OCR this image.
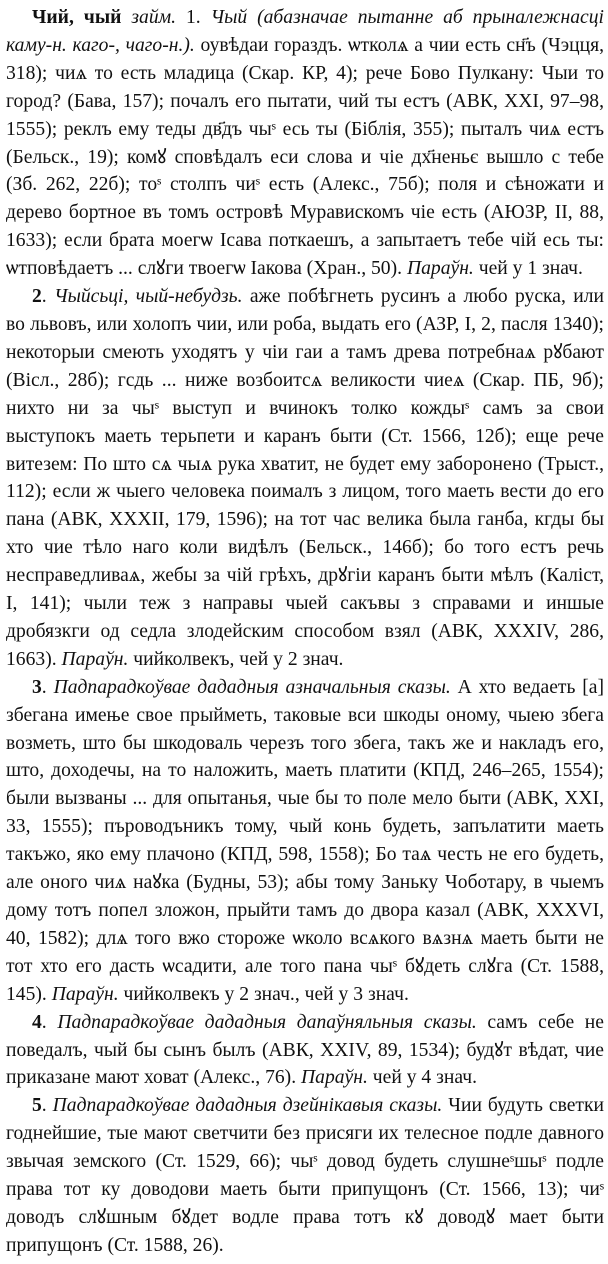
Чий, чый займ. 1. Чый (абазначае пытанне аб прыналежнасці каму-н. каго-, чаго-н.). оувѣдаи гораздъ. ѡтколѧ а чии есть сн҃ъ (Чэцця, 318); чиѧ то есть младица (Скар. КР, 4); рече Бово Пулкану: Чыи то город? (Бава, 157); почалъ его пытати, чий ты естъ (АВК, XXI, 97–98, 1555); реклъ ему теды дв҃дъ чыˢ есь ты (Біблія, 355); пыталъ чиѧ естъ (Бельск., 19); комꙋ сповѣдалъ еси слова и чіе дх҃неньє вышло с тебе (Зб. 262, 22б); тоˢ столпъ чиˢ есть (Алекс., 75б); поля и сѣножати и дерево бортное въ томъ островѣ Муравискомъ чіе есть (АЮЗР, II, 88, 1633); если брата моегѡ Ісава поткаешъ, а запытаетъ тебе чій есь ты: ѡтповѣдаетъ ... слꙋги твоегѡ Іакова (Хран., 50). Параўн. чей у 1 знач.

2. Чыйсьці, чый-небудзь. аже побѣгнеть русинъ а любо руска, или во львовъ, или холопъ чии, или роба, выдать его (АЗР, I, 2, пасля 1340); некоторыи смеють уходятъ у чіи гаи а тамъ древа потребнаѧ рꙋбают (Вісл., 28б); гсдь ... ниже возбоитсѧ великости чиеѧ (Скар. ПБ, 9б); нихто ни за чыˢ выступ и вчинокъ толко кождыˢ самъ за свои выступокъ маеть терьпети и каранъ быти (Ст. 1566, 12б); еще рече витезем: По што сѧ чыѧ рука хватит, не будет ему заборонено (Трыст., 112); если ж чыего человека поималъ з лицом, того маеть вести до его пана (АВК, XXXII, 179, 1596); на тот час велика была ганба, кгды бы хто чие тѣло наго коли видѣлъ (Бельск., 146б); бо того естъ речь несправедливаѧ, жебы за чій грѣхъ, дрꙋгіи каранъ быти мѣлъ (Каліст, I, 141); чыли теж з направы чыей сакъвы з справами и иншые дробязкги од седла злодейским способом взял (АВК, XXXIV, 286, 1663). Параўн. чийколвекъ, чей у 2 знач.

3. Падпарадкоўвае дададныя азначальныя сказы. А хто ведаеть [а] збегана имење свое прыйметь, таковые вси шкоды оному, чыею збега возметь, што бы шкодоваль черезъ того збега, такъ же и накладъ его, што, доходечы, на то наложить, маеть платити (КПД, 246–265, 1554); были вызваны ... для опытанья, чые бы то поле мело быти (АВК, XXI, 33, 1555); пъроводъникъ тому, чый конь будеть, запълатити маеть такъжо, яко ему плачоно (КПД, 598, 1558); Бо таѧ честь не его будеть, але оного чиѧ наꙋка (Будны, 53); абы тому Заньку Чоботару, в чыемъ дому тотъ попел зложон, прыйти тамъ до двора казал (АВК, XXXVI, 40, 1582); длѧ того вжо стороже ѡколо всѧкого вѧзнѧ маеть быти не тот хто его дасть ѡсадити, але того пана чыˢ бꙋдеть слꙋга (Ст. 1588, 145). Параўн. чийколвекъ у 2 знач., чей у 3 знач.

4. Падпарадкоўвае дададныя дапаўняльныя сказы. самъ себе не поведалъ, чый бы сынъ былъ (АВК, XXIV, 89, 1534); будꙋт вѣдат, чие приказане мают ховат (Алекс., 76). Параўн. чей у 4 знач.

5. Падпарадкоўвае дададныя дзейнікавыя сказы. Чии будуть светки годнейшие, тые мают светчити без присяги их телесное подле давного звычая земского (Ст. 1529, 66); чыˢ довод будеть слушнеˢшыˢ подле права тот ку доводови маеть быти припущонъ (Ст. 1566, 13); чиˢ доводъ слꙋшным бꙋдет водле права тотъ кꙋ доводꙋ мает быти припущонъ (Ст. 1588, 26).
